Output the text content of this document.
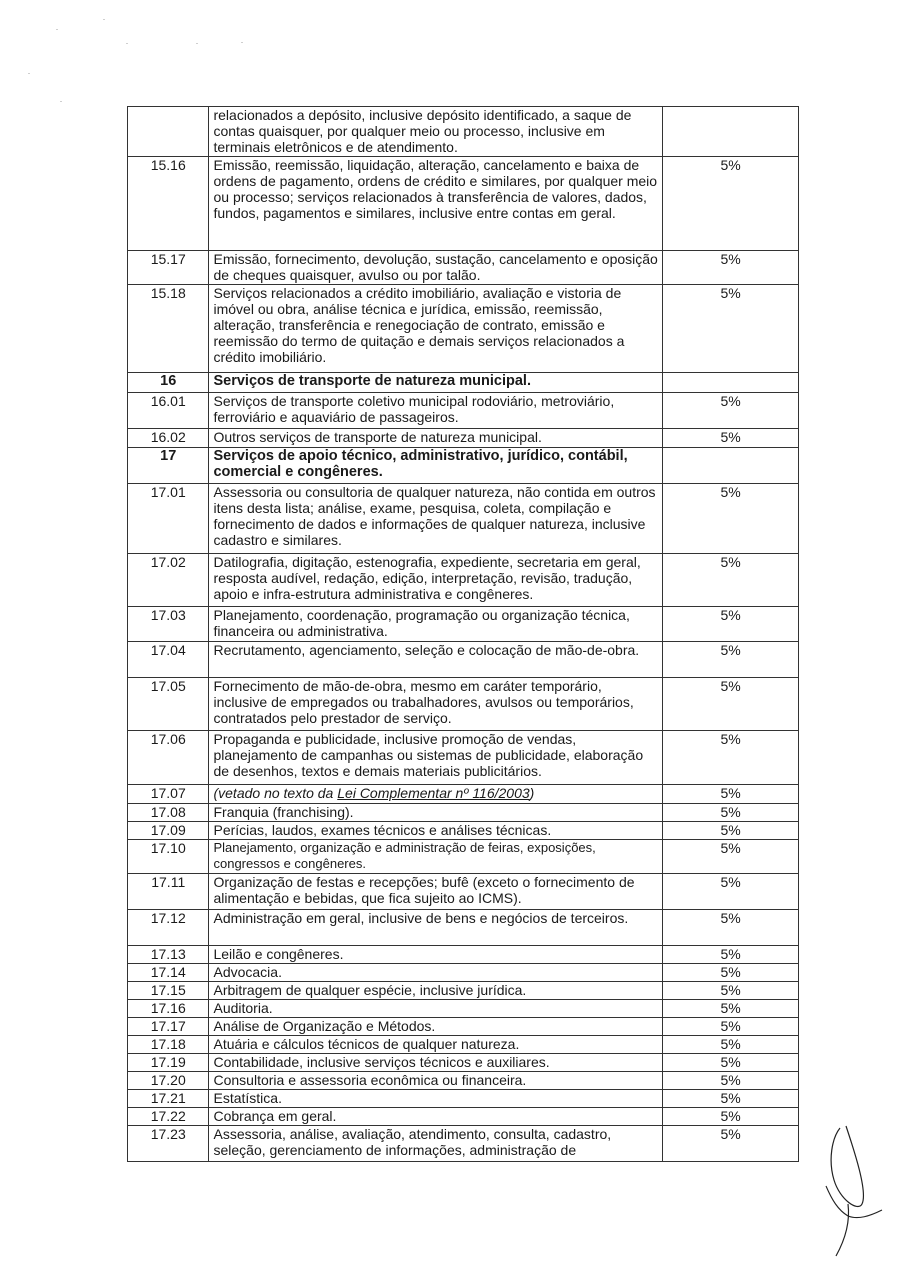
	relacionados a depósito, inclusive depósito identificado, a saque de contas quaisquer, por qualquer meio ou processo, inclusive em terminais eletrônicos e de atendimento.	
15.16	Emissão, reemissão, liquidação, alteração, cancelamento e baixa de ordens de pagamento, ordens de crédito e similares, por qualquer meio ou processo; serviços relacionados à transferência de valores, dados, fundos, pagamentos e similares, inclusive entre contas em geral.	5%
15.17	Emissão, fornecimento, devolução, sustação, cancelamento e oposição de cheques quaisquer, avulso ou por talão.	5%
15.18	Serviços relacionados a crédito imobiliário, avaliação e vistoria de imóvel ou obra, análise técnica e jurídica, emissão, reemissão, alteração, transferência e renegociação de contrato, emissão e reemissão do termo de quitação e demais serviços relacionados a crédito imobiliário.	5%
16	Serviços de transporte de natureza municipal.	
16.01	Serviços de transporte coletivo municipal rodoviário, metroviário, ferroviário e aquaviário de passageiros.	5%
16.02	Outros serviços de transporte de natureza municipal.	5%
17	Serviços de apoio técnico, administrativo, jurídico, contábil, comercial e congêneres.	
17.01	Assessoria ou consultoria de qualquer natureza, não contida em outros itens desta lista; análise, exame, pesquisa, coleta, compilação e fornecimento de dados e informações de qualquer natureza, inclusive cadastro e similares.	5%
17.02	Datilografia, digitação, estenografia, expediente, secretaria em geral, resposta audível, redação, edição, interpretação, revisão, tradução, apoio e infra-estrutura administrativa e congêneres.	5%
17.03	Planejamento, coordenação, programação ou organização técnica, financeira ou administrativa.	5%
17.04	Recrutamento, agenciamento, seleção e colocação de mão-de-obra.	5%
17.05	Fornecimento de mão-de-obra, mesmo em caráter temporário, inclusive de empregados ou trabalhadores, avulsos ou temporários, contratados pelo prestador de serviço.	5%
17.06	Propaganda e publicidade, inclusive promoção de vendas, planejamento de campanhas ou sistemas de publicidade, elaboração de desenhos, textos e demais materiais publicitários.	5%
17.07	(vetado no texto da Lei Complementar nº 116/2003)	5%
17.08	Franquia (franchising).	5%
17.09	Perícias, laudos, exames técnicos e análises técnicas.	5%
17.10	Planejamento, organização e administração de feiras, exposições, congressos e congêneres.	5%
17.11	Organização de festas e recepções; bufê (exceto o fornecimento de alimentação e bebidas, que fica sujeito ao ICMS).	5%
17.12	Administração em geral, inclusive de bens e negócios de terceiros.	5%
17.13	Leilão e congêneres.	5%
17.14	Advocacia.	5%
17.15	Arbitragem de qualquer espécie, inclusive jurídica.	5%
17.16	Auditoria.	5%
17.17	Análise de Organização e Métodos.	5%
17.18	Atuária e cálculos técnicos de qualquer natureza.	5%
17.19	Contabilidade, inclusive serviços técnicos e auxiliares.	5%
17.20	Consultoria e assessoria econômica ou financeira.	5%
17.21	Estatística.	5%
17.22	Cobrança em geral.	5%
17.23	Assessoria, análise, avaliação, atendimento, consulta, cadastro, seleção, gerenciamento de informações, administração de	5%
